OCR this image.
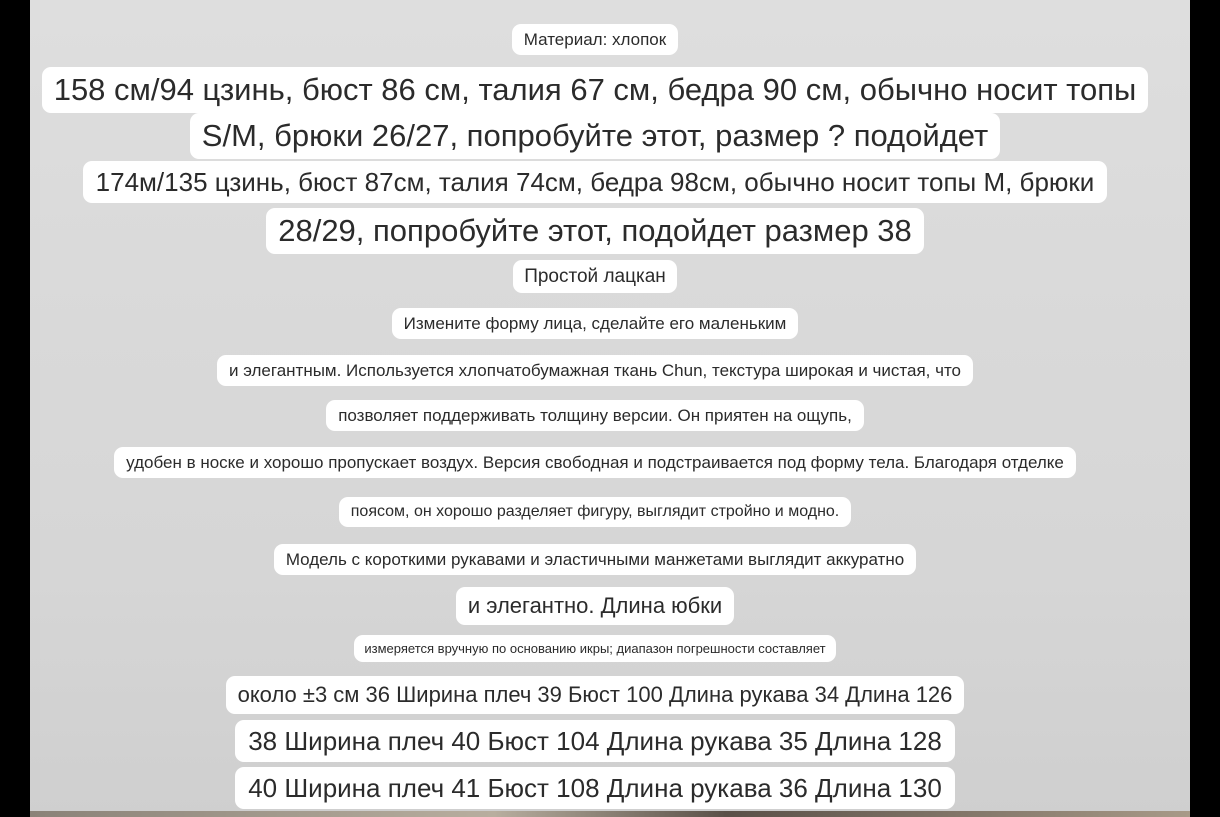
Материал: хлопок
158 см/94 цзинь, бюст 86 см, талия 67 см, бедра 90 см, обычно носит топы
S/M, брюки 26/27, попробуйте этот, размер ? подойдет
174м/135 цзинь, бюст 87см, талия 74см, бедра 98см, обычно носит топы M, брюки
28/29, попробуйте этот, подойдет размер 38
Простой лацкан
Измените форму лица, сделайте его маленьким
и элегантным. Используется хлопчатобумажная ткань Chun, текстура широкая и чистая, что
позволяет поддерживать толщину версии. Он приятен на ощупь,
удобен в носке и хорошо пропускает воздух. Версия свободная и подстраивается под форму тела. Благодаря отделке
поясом, он хорошо разделяет фигуру, выглядит стройно и модно.
Модель с короткими рукавами и эластичными манжетами выглядит аккуратно
и элегантно. Длина юбки
измеряется вручную по основанию икры; диапазон погрешности составляет
около ±3 см 36 Ширина плеч 39 Бюст 100 Длина рукава 34 Длина 126
38 Ширина плеч 40 Бюст 104 Длина рукава 35 Длина 128
40 Ширина плеч 41 Бюст 108 Длина рукава 36 Длина 130
